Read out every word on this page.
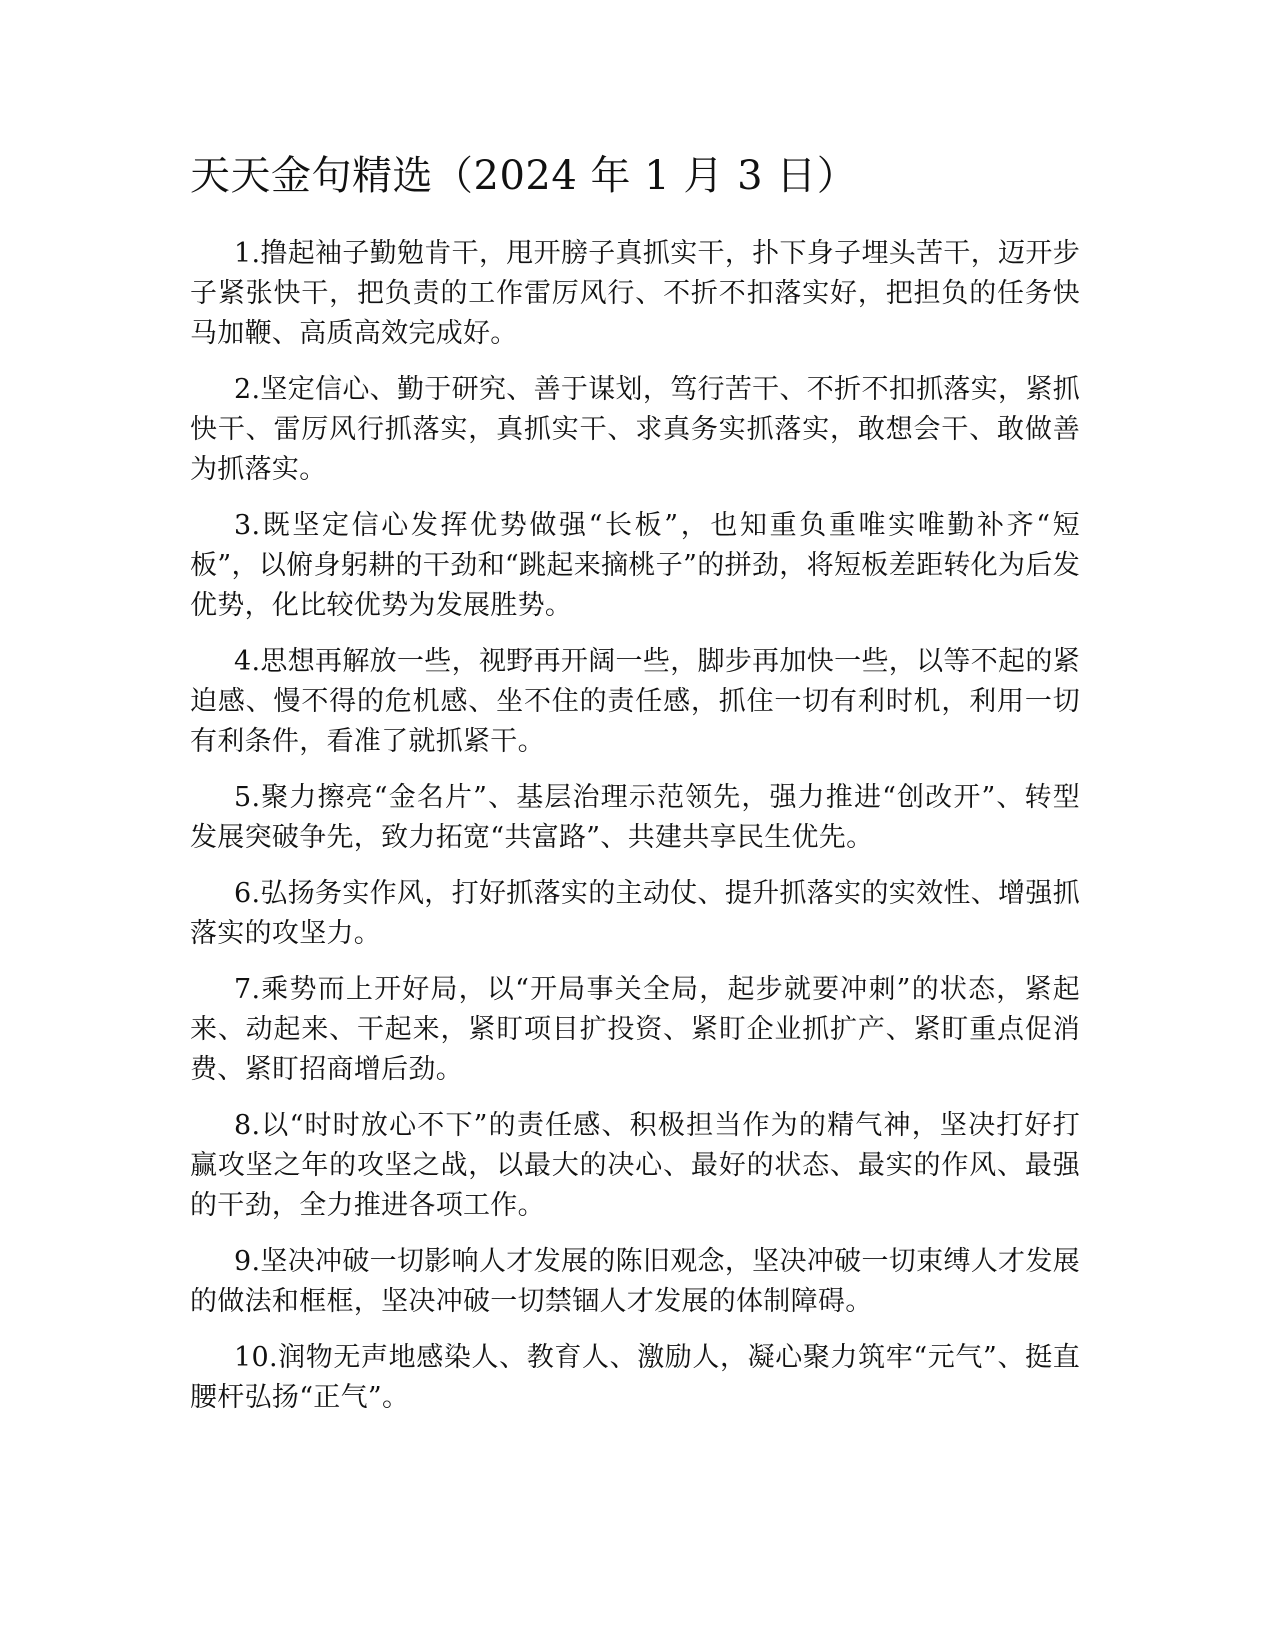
天天金句精选（2024 年 1 月 3 日）

1.撸起袖子勤勉肯干，甩开膀子真抓实干，扑下身子埋头苦干，迈开步子紧张快干，把负责的工作雷厉风行、不折不扣落实好，把担负的任务快马加鞭、高质高效完成好。

2.坚定信心、勤于研究、善于谋划，笃行苦干、不折不扣抓落实，紧抓快干、雷厉风行抓落实，真抓实干、求真务实抓落实，敢想会干、敢做善为抓落实。

3.既坚定信心发挥优势做强“长板”，也知重负重唯实唯勤补齐“短板”，以俯身躬耕的干劲和“跳起来摘桃子”的拼劲，将短板差距转化为后发优势，化比较优势为发展胜势。

4.思想再解放一些，视野再开阔一些，脚步再加快一些，以等不起的紧迫感、慢不得的危机感、坐不住的责任感，抓住一切有利时机，利用一切有利条件，看准了就抓紧干。

5.聚力擦亮“金名片”、基层治理示范领先，强力推进“创改开”、转型发展突破争先，致力拓宽“共富路”、共建共享民生优先。

6.弘扬务实作风，打好抓落实的主动仗、提升抓落实的实效性、增强抓落实的攻坚力。

7.乘势而上开好局，以“开局事关全局，起步就要冲刺”的状态，紧起来、动起来、干起来，紧盯项目扩投资、紧盯企业抓扩产、紧盯重点促消费、紧盯招商增后劲。

8.以“时时放心不下”的责任感、积极担当作为的精气神，坚决打好打赢攻坚之年的攻坚之战，以最大的决心、最好的状态、最实的作风、最强的干劲，全力推进各项工作。

9.坚决冲破一切影响人才发展的陈旧观念，坚决冲破一切束缚人才发展的做法和框框，坚决冲破一切禁锢人才发展的体制障碍。

10.润物无声地感染人、教育人、激励人，凝心聚力筑牢“元气”、挺直腰杆弘扬“正气”。
